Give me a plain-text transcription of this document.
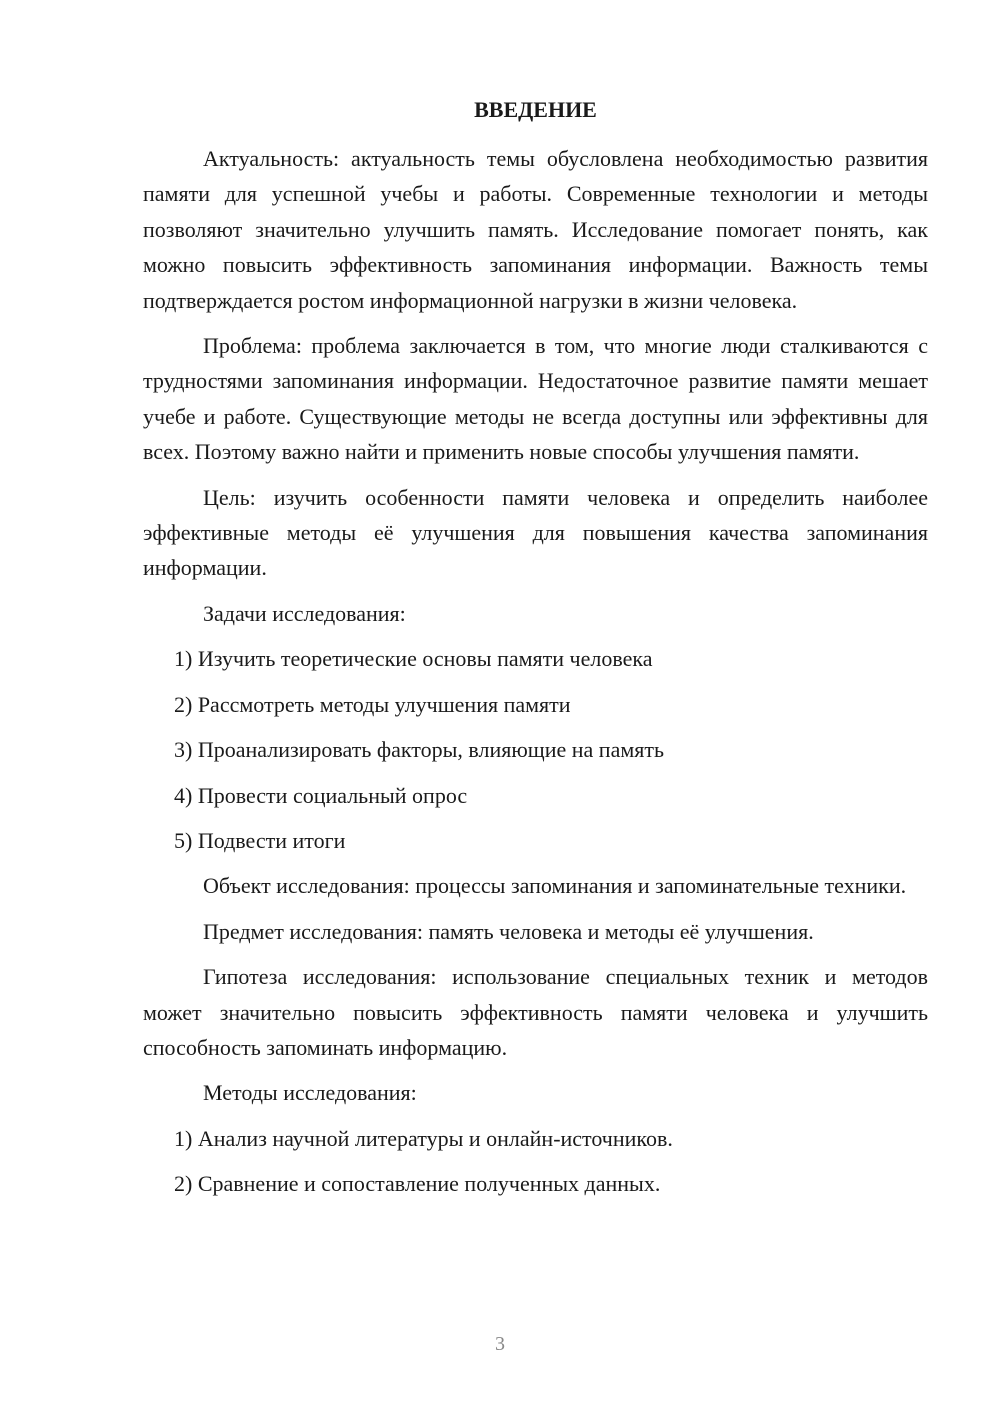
ВВЕДЕНИЕ

Актуальность: актуальность темы обусловлена необходимостью развития памяти для успешной учебы и работы. Современные технологии и методы позволяют значительно улучшить память. Исследование помогает понять, как можно повысить эффективность запоминания информации. Важность темы подтверждается ростом информационной нагрузки в жизни человека.

Проблема: проблема заключается в том, что многие люди сталкиваются с трудностями запоминания информации. Недостаточное развитие памяти мешает учебе и работе. Существующие методы не всегда доступны или эффективны для всех. Поэтому важно найти и применить новые способы улучшения памяти.

Цель: изучить особенности памяти человека и определить наиболее эффективные методы её улучшения для повышения качества запоминания информации.

Задачи исследования:

1) Изучить теоретические основы памяти человека
2) Рассмотреть методы улучшения памяти
3) Проанализировать факторы, влияющие на память
4) Провести социальный опрос
5) Подвести итоги

Объект исследования: процессы запоминания и запоминательные техники.

Предмет исследования: память человека и методы её улучшения.

Гипотеза исследования: использование специальных техник и методов может значительно повысить эффективность памяти человека и улучшить способность запоминать информацию.

Методы исследования:

1) Анализ научной литературы и онлайн-источников.
2) Сравнение и сопоставление полученных данных.
3
